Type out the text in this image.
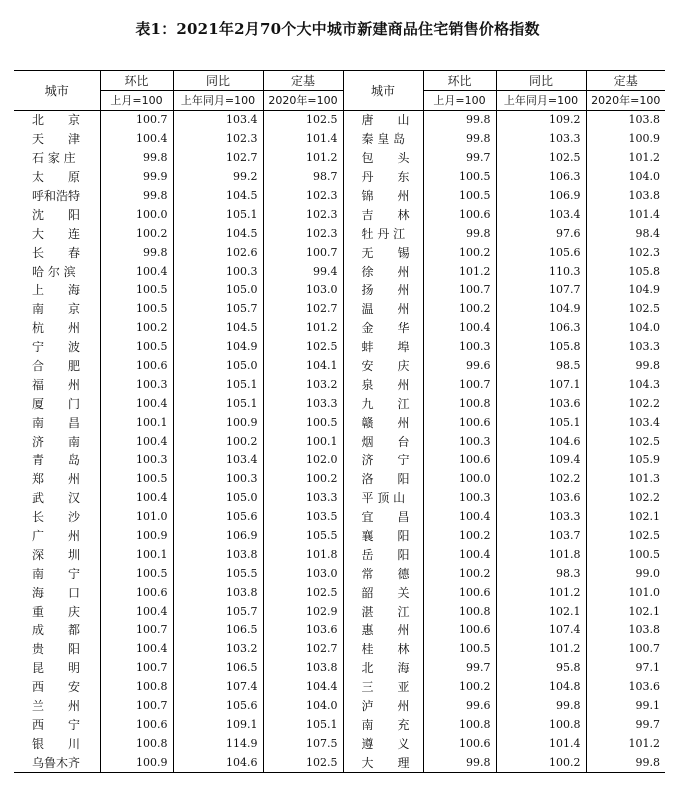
表1：2021年2月70个大中城市新建商品住宅销售价格指数
城市	环比	同比	定基	城市	环比	同比	定基
	上月=100	上年同月=100	2020年=100		上月=100	上年同月=100	2020年=100
北　　京	100.7	103.4	102.5	唐　　山	99.8	109.2	103.8
天　　津	100.4	102.3	101.4	秦 皇 岛	99.8	103.3	100.9
石 家 庄	99.8	102.7	101.2	包　　头	99.7	102.5	101.2
太　　原	99.9	99.2	98.7	丹　　东	100.5	106.3	104.0
呼和浩特	99.8	104.5	102.3	锦　　州	100.5	106.9	103.8
沈　　阳	100.0	105.1	102.3	吉　　林	100.6	103.4	101.4
大　　连	100.2	104.5	102.3	牡 丹 江	99.8	97.6	98.4
长　　春	99.8	102.6	100.7	无　　锡	100.2	105.6	102.3
哈 尔 滨	100.4	100.3	99.4	徐　　州	101.2	110.3	105.8
上　　海	100.5	105.0	103.0	扬　　州	100.7	107.7	104.9
南　　京	100.5	105.7	102.7	温　　州	100.2	104.9	102.5
杭　　州	100.2	104.5	101.2	金　　华	100.4	106.3	104.0
宁　　波	100.5	104.9	102.5	蚌　　埠	100.3	105.8	103.3
合　　肥	100.6	105.0	104.1	安　　庆	99.6	98.5	99.8
福　　州	100.3	105.1	103.2	泉　　州	100.7	107.1	104.3
厦　　门	100.4	105.1	103.3	九　　江	100.8	103.6	102.2
南　　昌	100.1	100.9	100.5	赣　　州	100.6	105.1	103.4
济　　南	100.4	100.2	100.1	烟　　台	100.3	104.6	102.5
青　　岛	100.3	103.4	102.0	济　　宁	100.6	109.4	105.9
郑　　州	100.5	100.3	100.2	洛　　阳	100.0	102.2	101.3
武　　汉	100.4	105.0	103.3	平 顶 山	100.3	103.6	102.2
长　　沙	101.0	105.6	103.5	宜　　昌	100.4	103.3	102.1
广　　州	100.9	106.9	105.5	襄　　阳	100.2	103.7	102.5
深　　圳	100.1	103.8	101.8	岳　　阳	100.4	101.8	100.5
南　　宁	100.5	105.5	103.0	常　　德	100.2	98.3	99.0
海　　口	100.6	103.8	102.5	韶　　关	100.6	101.2	101.0
重　　庆	100.4	105.7	102.9	湛　　江	100.8	102.1	102.1
成　　都	100.7	106.5	103.6	惠　　州	100.6	107.4	103.8
贵　　阳	100.4	103.2	102.7	桂　　林	100.5	101.2	100.7
昆　　明	100.7	106.5	103.8	北　　海	99.7	95.8	97.1
西　　安	100.8	107.4	104.4	三　　亚	100.2	104.8	103.6
兰　　州	100.7	105.6	104.0	泸　　州	99.6	99.8	99.1
西　　宁	100.6	109.1	105.1	南　　充	100.8	100.8	99.7
银　　川	100.8	114.9	107.5	遵　　义	100.6	101.4	101.2
乌鲁木齐	100.9	104.6	102.5	大　　理	99.8	100.2	99.8
